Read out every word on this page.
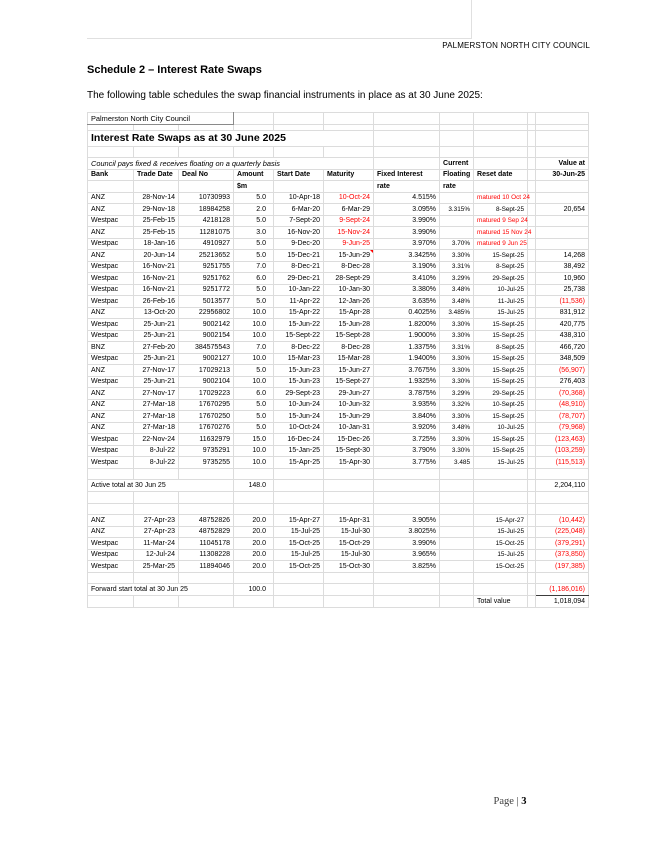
PALMERSTON NORTH CITY COUNCIL
Schedule 2 – Interest Rate Swaps
The following table schedules the swap financial instruments in place as at 30 June 2025:
Palmerston North City Council										

Interest Rate Swaps as at 30 June 2025										

Council pays fixed & receives floating on a quarterly basis							Current			Value at
Bank	Trade Date	Deal No	Amount	Start Date	Maturity	Fixed Interest	Floating	Reset date		30-Jun-25
			$m			rate	rate			
ANZ	28-Nov-14	10730993	5.0	10-Apr-18	10-Oct-24	4.515%		matured 10 Oct 24		
ANZ	29-Nov-18	18984258	2.0	6-Mar-20	6-Mar-29	3.095%	3.315%	8-Sept-25		20,654
Westpac	25-Feb-15	4218128	5.0	7-Sept-20	9-Sept-24	3.990%		matured 9 Sep 24		
ANZ	25-Feb-15	11281075	3.0	16-Nov-20	15-Nov-24	3.990%		matured 15 Nov 24		
Westpac	18-Jan-16	4910927	5.0	9-Dec-20	9-Jun-25	3.970%	3.70%	matured 9 Jun 25		
ANZ	20-Jun-14	25213652	5.0	15-Dec-21	15-Jun-29	3.3425%	3.30%	15-Sept-25		14,268
Westpac	16-Nov-21	9251755	7.0	8-Dec-21	8-Dec-28	3.190%	3.31%	8-Sept-25		38,492
Westpac	16-Nov-21	9251762	6.0	29-Dec-21	28-Sept-29	3.410%	3.29%	29-Sept-25		10,960
Westpac	16-Nov-21	9251772	5.0	10-Jan-22	10-Jan-30	3.380%	3.48%	10-Jul-25		25,738
Westpac	26-Feb-16	5013577	5.0	11-Apr-22	12-Jan-26	3.635%	3.48%	11-Jul-25		(11,536)
ANZ	13-Oct-20	22956802	10.0	15-Apr-22	15-Apr-28	0.4025%	3.485%	15-Jul-25		831,912
Westpac	25-Jun-21	9002142	10.0	15-Jun-22	15-Jun-28	1.8200%	3.30%	15-Sept-25		420,775
Westpac	25-Jun-21	9002154	10.0	15-Sept-22	15-Sept-28	1.9000%	3.30%	15-Sept-25		438,310
BNZ	27-Feb-20	384575543	7.0	8-Dec-22	8-Dec-28	1.3375%	3.31%	8-Sept-25		466,720
Westpac	25-Jun-21	9002127	10.0	15-Mar-23	15-Mar-28	1.9400%	3.30%	15-Sept-25		348,509
ANZ	27-Nov-17	17029213	5.0	15-Jun-23	15-Jun-27	3.7675%	3.30%	15-Sept-25		(56,907)
Westpac	25-Jun-21	9002104	10.0	15-Jun-23	15-Sept-27	1.9325%	3.30%	15-Sept-25		276,403
ANZ	27-Nov-17	17029223	6.0	29-Sept-23	29-Jun-27	3.7875%	3.29%	29-Sept-25		(70,368)
ANZ	27-Mar-18	17670295	5.0	10-Jun-24	10-Jun-32	3.935%	3.32%	10-Sept-25		(48,910)
ANZ	27-Mar-18	17670250	5.0	15-Jun-24	15-Jun-29	3.840%	3.30%	15-Sept-25		(78,707)
ANZ	27-Mar-18	17670276	5.0	10-Oct-24	10-Jan-31	3.920%	3.48%	10-Jul-25		(79,968)
Westpac	22-Nov-24	11632979	15.0	16-Dec-24	15-Dec-26	3.725%	3.30%	15-Sept-25		(123,463)
Westpac	8-Jul-22	9735291	10.0	15-Jan-25	15-Sept-30	3.790%	3.30%	15-Sept-25		(103,259)
Westpac	8-Jul-22	9735255	10.0	15-Apr-25	15-Apr-30	3.775%	3.485	15-Jul-25		(115,513)

Active total at 30 Jun 25			148.0							2,204,110

ANZ	27-Apr-23	48752826	20.0	15-Apr-27	15-Apr-31	3.905%		15-Apr-27		(10,442)
ANZ	27-Apr-23	48752829	20.0	15-Jul-25	15-Jul-30	3.8025%		15-Jul-25		(225,048)
Westpac	11-Mar-24	11045178	20.0	15-Oct-25	15-Oct-29	3.990%		15-Oct-25		(379,291)
Westpac	12-Jul-24	11308228	20.0	15-Jul-25	15-Jul-30	3.965%		15-Jul-25		(373,850)
Westpac	25-Mar-25	11894046	20.0	15-Oct-25	15-Oct-30	3.825%		15-Oct-25		(197,385)

Forward start total at 30 Jun 25			100.0							(1,186,016)
								Total value		1,018,094
Page | 3
